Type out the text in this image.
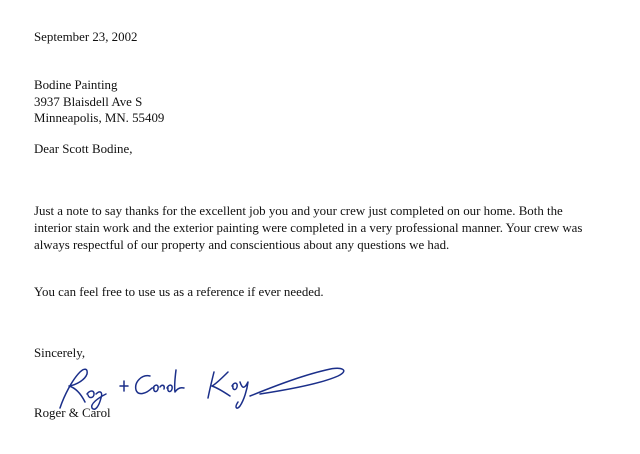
September 23, 2002
Bodine Painting
3937 Blaisdell Ave S
Minneapolis, MN. 55409
Dear Scott Bodine,
Just a note to say thanks for the excellent job you and your crew just completed on our home. Both the
interior stain work and the exterior painting were completed in a very professional manner. Your crew was
always respectful of our property and conscientious about any questions we had.
You can feel free to use us as a reference if ever needed.
Sincerely,
Roger & Carol
